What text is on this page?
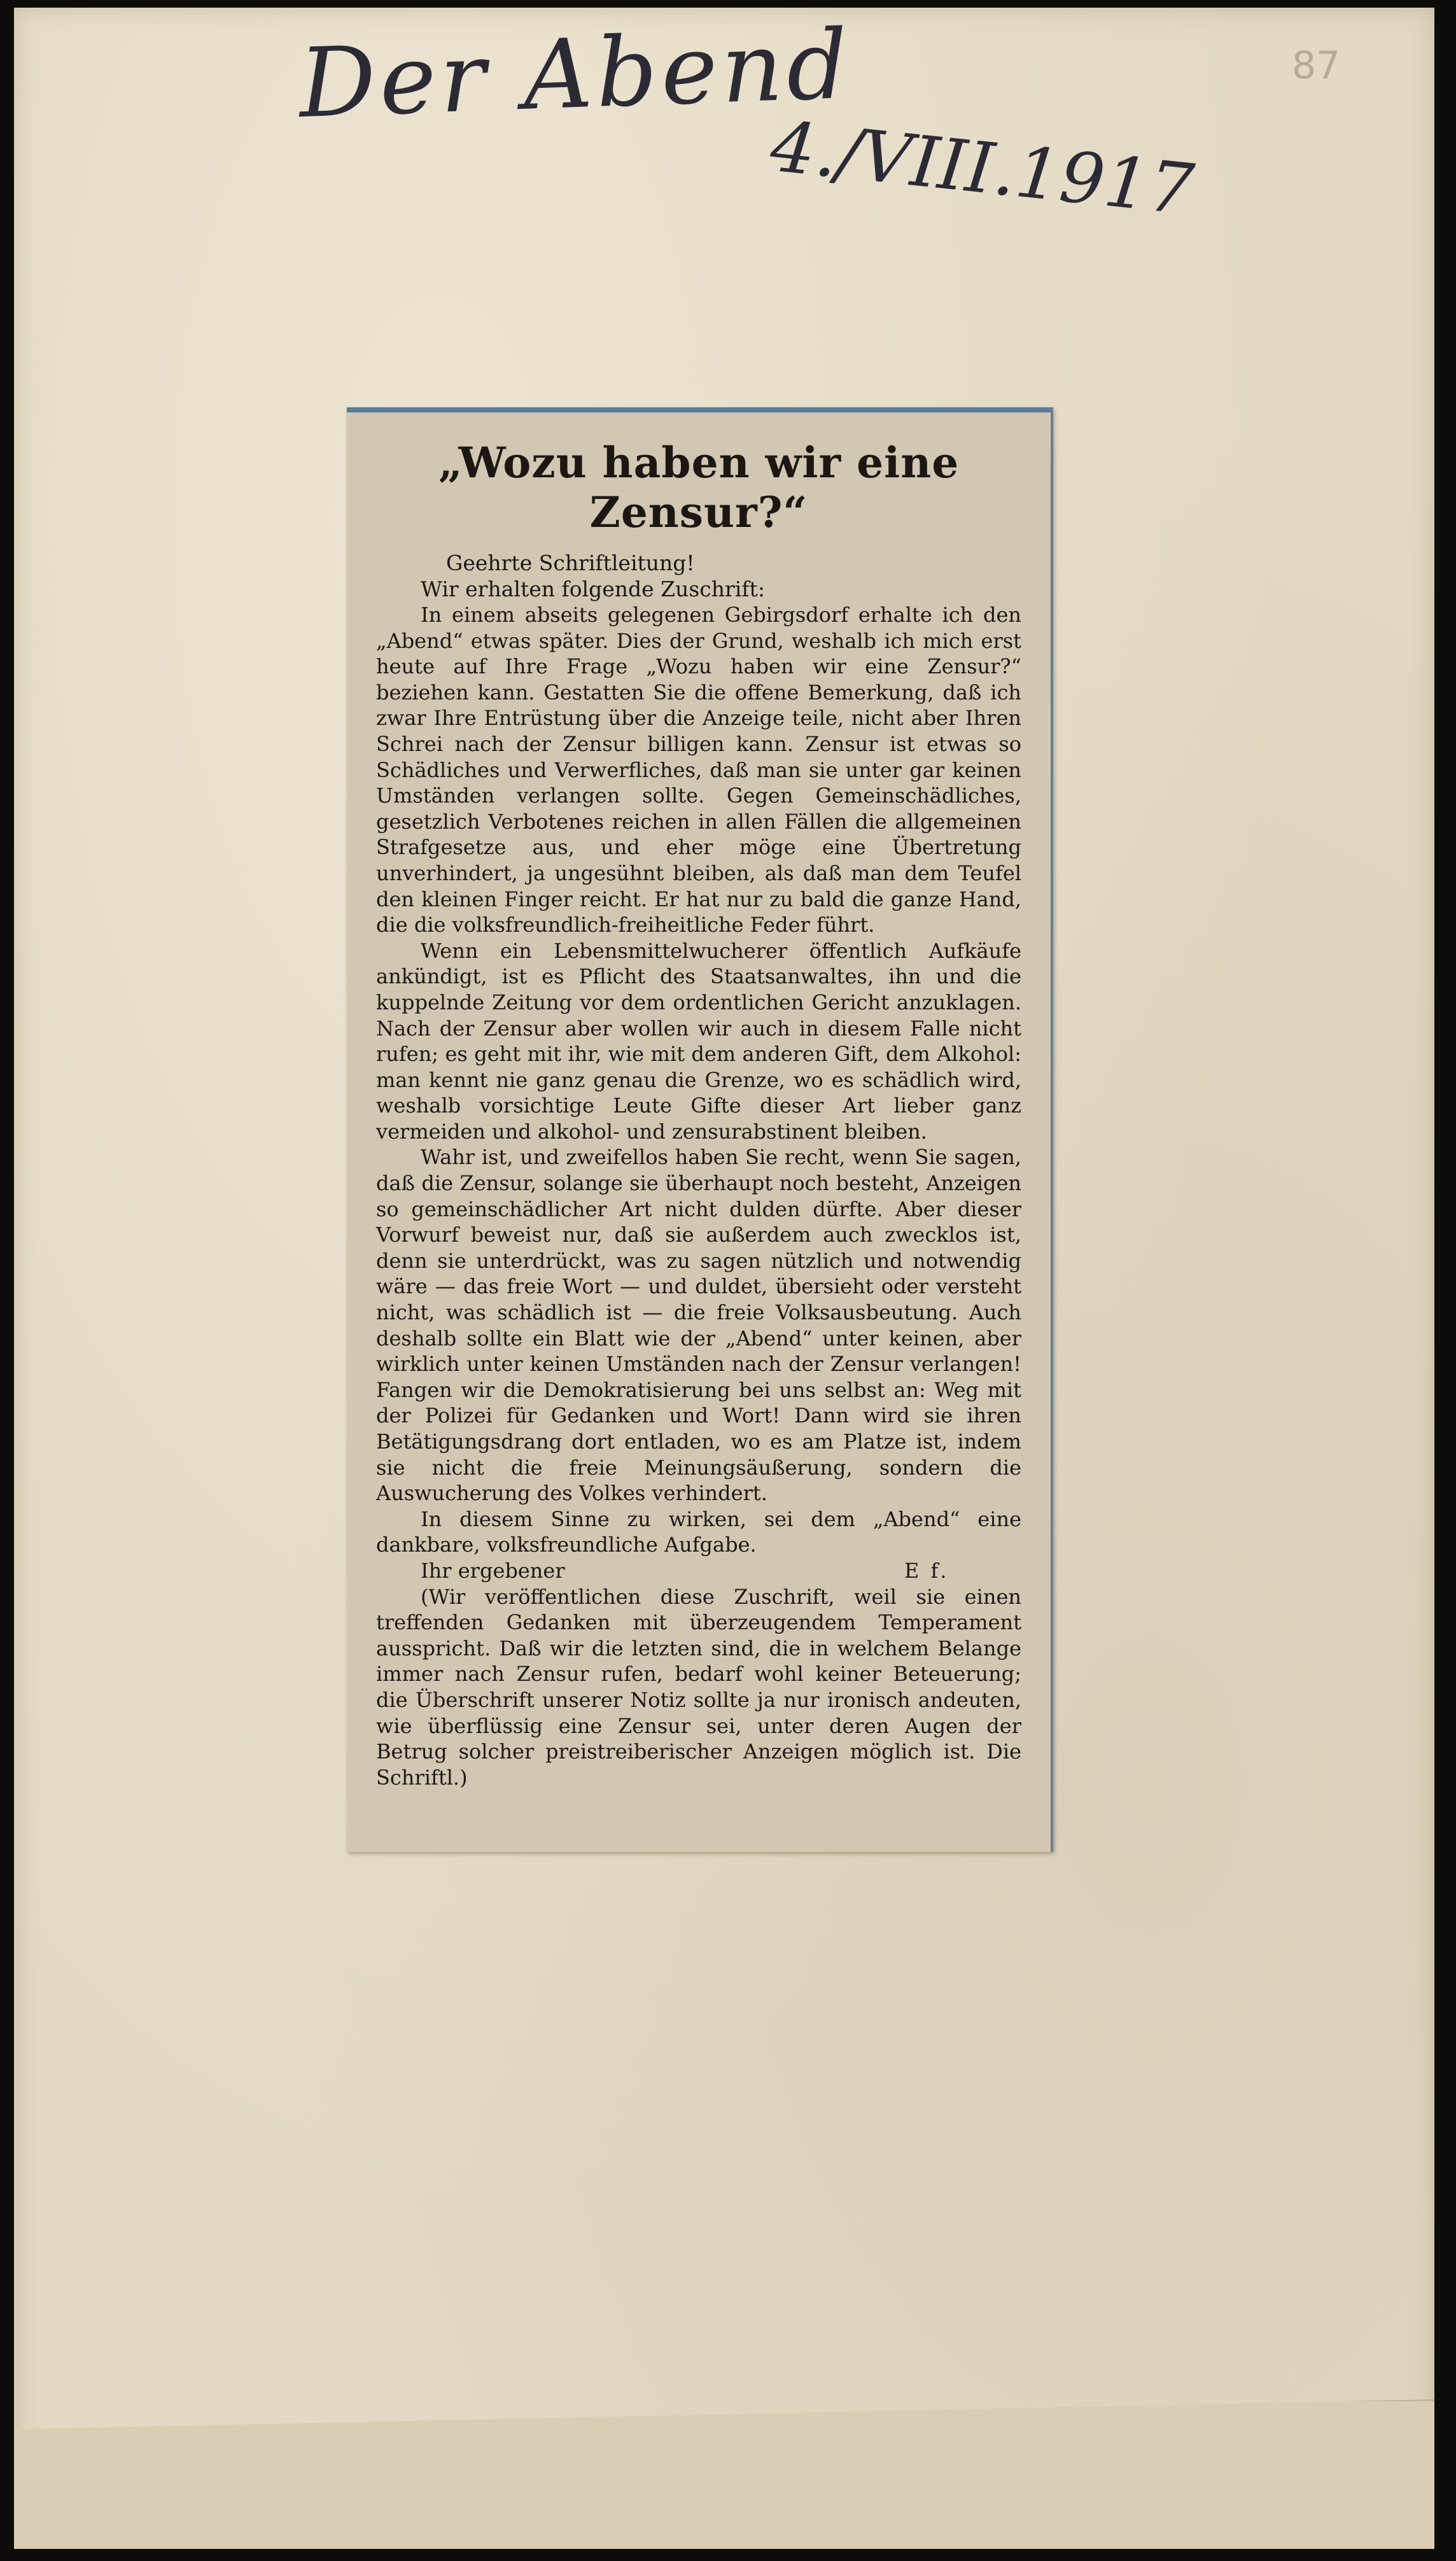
Der Abend
4./VIII.1917
87
„Wozu haben wir eine Zensur?“

Geehrte Schriftleitung!

Wir erhalten folgende Zuschrift:

In einem abseits gelegenen Gebirgsdorf erhalte ich den „Abend“ etwas später. Dies der Grund, weshalb ich mich erst heute auf Ihre Frage „Wozu haben wir eine Zensur?“ beziehen kann. Gestatten Sie die offene Bemerkung, daß ich zwar Ihre Entrüstung über die Anzeige teile, nicht aber Ihren Schrei nach der Zensur billigen kann. Zensur ist etwas so Schädliches und Verwerfliches, daß man sie unter gar keinen Umständen verlangen sollte. Gegen Gemeinschädliches, gesetzlich Verbotenes reichen in allen Fällen die allgemeinen Strafgesetze aus, und eher möge eine Übertretung unverhindert, ja ungesühnt bleiben, als daß man dem Teufel den kleinen Finger reicht. Er hat nur zu bald die ganze Hand, die die volksfreundlich-freiheitliche Feder führt.

Wenn ein Lebensmittelwucherer öffentlich Aufkäufe ankündigt, ist es Pflicht des Staatsanwaltes, ihn und die kuppelnde Zeitung vor dem ordentlichen Gericht anzuklagen. Nach der Zensur aber wollen wir auch in diesem Falle nicht rufen; es geht mit ihr, wie mit dem anderen Gift, dem Alkohol: man kennt nie ganz genau die Grenze, wo es schädlich wird, weshalb vorsichtige Leute Gifte dieser Art lieber ganz vermeiden und alkohol- und zensurabstinent bleiben.

Wahr ist, und zweifellos haben Sie recht, wenn Sie sagen, daß die Zensur, solange sie überhaupt noch besteht, Anzeigen so gemeinschädlicher Art nicht dulden dürfte. Aber dieser Vorwurf beweist nur, daß sie außerdem auch zwecklos ist, denn sie unterdrückt, was zu sagen nützlich und notwendig wäre — das freie Wort — und duldet, übersieht oder versteht nicht, was schädlich ist — die freie Volksausbeutung. Auch deshalb sollte ein Blatt wie der „Abend“ unter keinen, aber wirklich unter keinen Umständen nach der Zensur verlangen! Fangen wir die Demokratisierung bei uns selbst an: Weg mit der Polizei für Gedanken und Wort! Dann wird sie ihren Betätigungsdrang dort entladen, wo es am Platze ist, indem sie nicht die freie Meinungsäußerung, sondern die Auswucherung des Volkes verhindert.

In diesem Sinne zu wirken, sei dem „Abend“ eine dankbare, volksfreundliche Aufgabe.

Ihr ergebener	E f.

(Wir veröffentlichen diese Zuschrift, weil sie einen treffenden Gedanken mit überzeugendem Temperament ausspricht. Daß wir die letzten sind, die in welchem Belange immer nach Zensur rufen, bedarf wohl keiner Beteuerung; die Überschrift unserer Notiz sollte ja nur ironisch andeuten, wie überflüssig eine Zensur sei, unter deren Augen der Betrug solcher preistreiberischer Anzeigen möglich ist. Die Schriftl.)
